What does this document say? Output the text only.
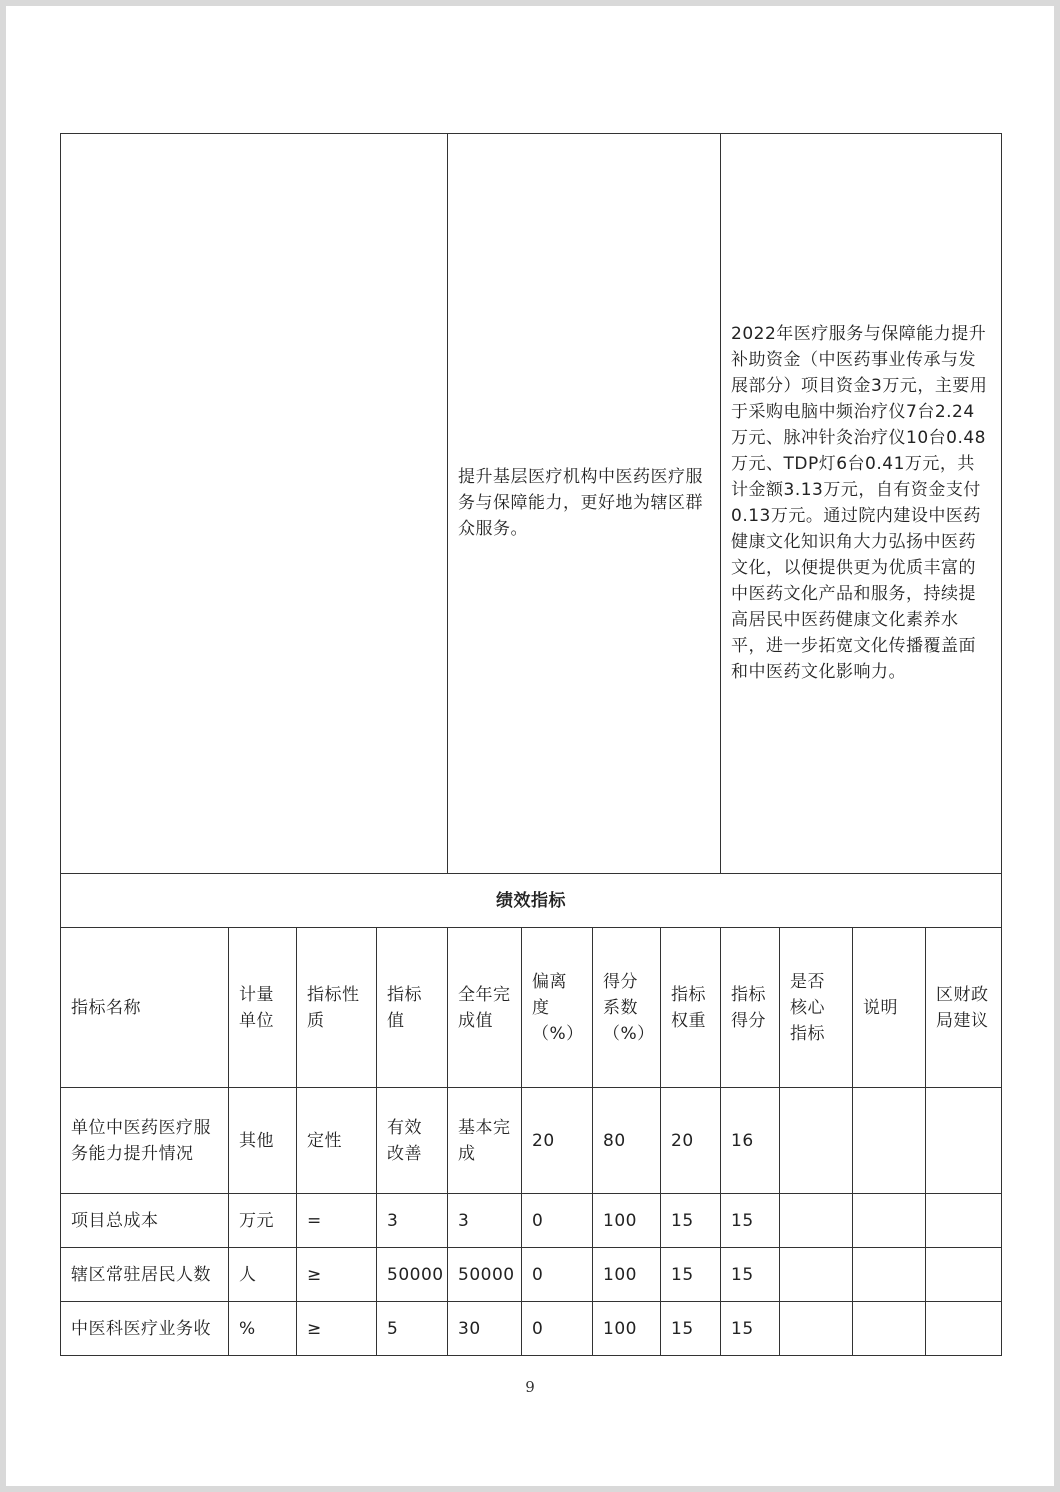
				提升基层医疗机构中医药医疗服务与保障能力，更好地为辖区群众服务。				2022年医疗服务与保障能力提升补助资金（中医药事业传承与发展部分）项目资金3万元，主要用于采购电脑中频治疗仪7台2.24万元、脉冲针灸治疗仪10台0.48万元、TDP灯6台0.41万元，共计金额3.13万元，自有资金支付0.13万元。通过院内建设中医药健康文化知识角大力弘扬中医药文化，以便提供更为优质丰富的中医药文化产品和服务，持续提高居民中医药健康文化素养水平，进一步拓宽文化传播覆盖面和中医药文化影响力。			

绩效指标											
指标名称	计量单位	指标性质	指标值	全年完成值	偏离度（%）	得分系数（%）	指标权重	指标得分	是否核心指标	说明	区财政局建议
单位中医药医疗服务能力提升情况	其他	定性	有效改善	基本完成	20	80	20	16			
项目总成本	万元	=	3	3	0	100	15	15			
辖区常驻居民人数	人	≥	50000	50000	0	100	15	15			
中医科医疗业务收	%	≥	5	30	0	100	15	15			
9
